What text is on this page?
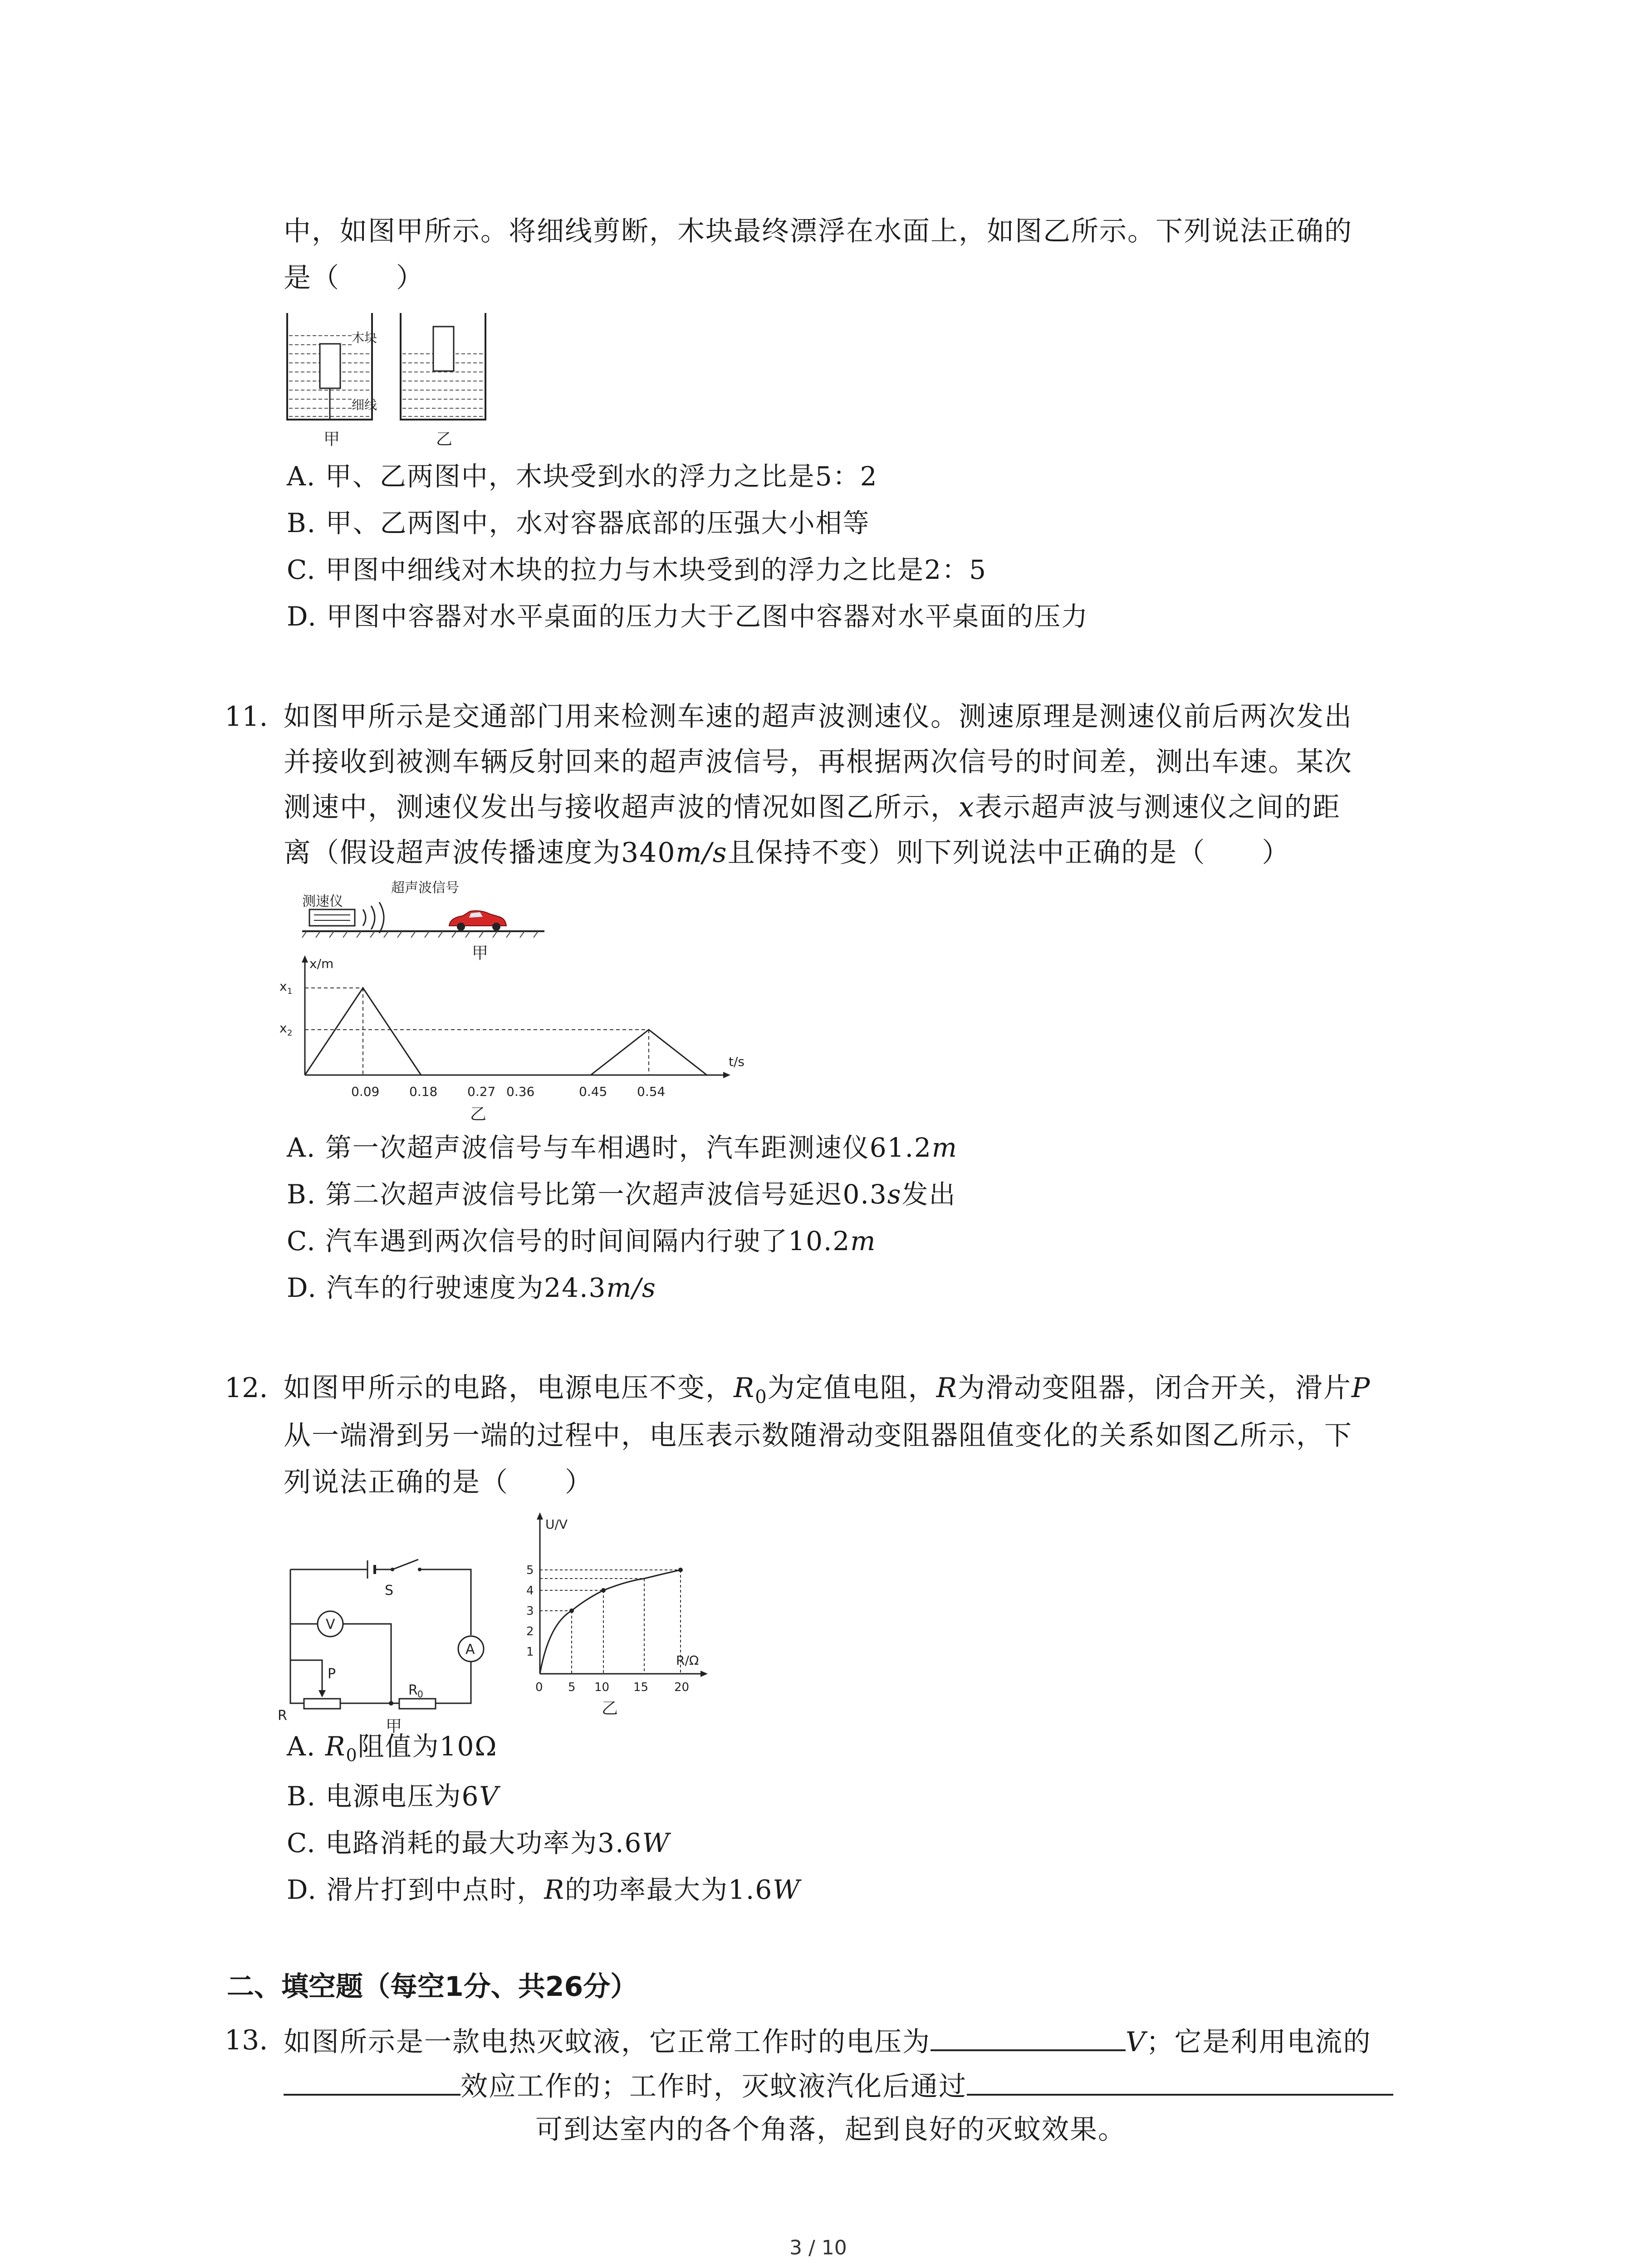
中，如图甲所示。将细线剪断，木块最终漂浮在水面上，如图乙所示。下列说法正确的
是（　　）
木块
细线
甲	乙
A. 甲、乙两图中，木块受到水的浮力之比是5：2
B. 甲、乙两图中，水对容器底部的压强大小相等
C. 甲图中细线对木块的拉力与木块受到的浮力之比是2：5
D. 甲图中容器对水平桌面的压力大于乙图中容器对水平桌面的压力
11. 如图甲所示是交通部门用来检测车速的超声波测速仪。测速原理是测速仪前后两次发出
并接收到被测车辆反射回来的超声波信号，再根据两次信号的时间差，测出车速。某次
测速中，测速仪发出与接收超声波的情况如图乙所示，x表示超声波与测速仪之间的距
离（假设超声波传播速度为340m/s且保持不变）则下列说法中正确的是（　　）
测速仪
超声波信号
甲
x/m
t/s
x 1
x 2
0.09 0.18 0.27 0.36	0.45 0.54
乙
A. 第一次超声波信号与车相遇时，汽车距测速仪61.2m
B. 第二次超声波信号比第一次超声波信号延迟0.3s发出
C. 汽车遇到两次信号的时间间隔内行驶了10.2m
D. 汽车的行驶速度为24.3m/s
12. 如图甲所示的电路，电源电压不变，$R_0$为定值电阻，R为滑动变阻器，闭合开关，滑片P
从一端滑到另一端的过程中，电压表示数随滑动变阻器阻值变化的关系如图乙所示，下
列说法正确的是（　　）
A
R 0
R
V
P
S
甲
U/V
R/Ω
1
2
3
4
5
0 5 10 15 20
乙
A. $R_0$阻值为10Ω
B. 电源电压为6V
C. 电路消耗的最大功率为3.6W
D. 滑片打到中点时，R的功率最大为1.6W
二、填空题（每空1分、共26分）
13. 如图所示是一款电热灭蚊液，它正常工作时的电压为	V；它是利用电流的
效应工作的；工作时，灭蚊液汽化后通过
可到达室内的各个角落，起到良好的灭蚊效果。
3 / 10
